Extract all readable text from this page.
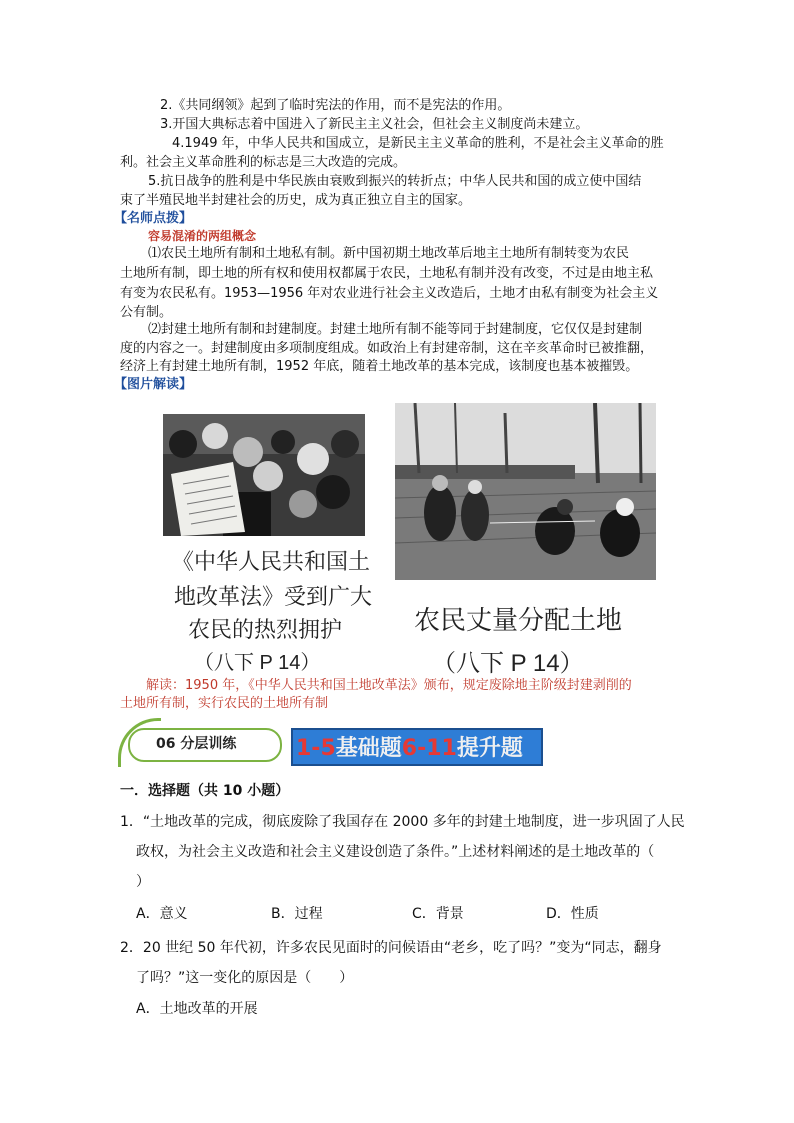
2.《共同纲领》起到了临时宪法的作用，而不是宪法的作用。
3.开国大典标志着中国进入了新民主主义社会，但社会主义制度尚未建立。
4.1949 年，中华人民共和国成立，是新民主主义革命的胜利，不是社会主义革命的胜
利。社会主义革命胜利的标志是三大改造的完成。
5.抗日战争的胜利是中华民族由衰败到振兴的转折点；中华人民共和国的成立使中国结
束了半殖民地半封建社会的历史，成为真正独立自主的国家。
【名师点拨】
容易混淆的两组概念
⑴农民土地所有制和土地私有制。新中国初期土地改革后地主土地所有制转变为农民
土地所有制，即土地的所有权和使用权都属于农民，土地私有制并没有改变，不过是由地主私
有变为农民私有。1953—1956 年对农业进行社会主义改造后，土地才由私有制变为社会主义
公有制。
⑵封建土地所有制和封建制度。封建土地所有制不能等同于封建制度，它仅仅是封建制
度的内容之一。封建制度由多项制度组成。如政治上有封建帝制，这在辛亥革命时已被推翻，
经济上有封建土地所有制，1952 年底，随着土地改革的基本完成，该制度也基本被摧毁。
【图片解读】
《中华人民共和国土
地改革法》受到广大
农民的热烈拥护
（八下 P 14）
农民丈量分配土地
（八下 P 14）
解读：1950 年，《中华人民共和国土地改革法》颁布，规定废除地主阶级封建剥削的
土地所有制，实行农民的土地所有制
06 分层训练	1-5基础题6-11提升题
一．选择题（共 10 小题）
1．“土地改革的完成，彻底废除了我国存在 2000 多年的封建土地制度，进一步巩固了人民
政权，为社会主义改造和社会主义建设创造了条件。”上述材料阐述的是土地改革的（
）
A．意义	B．过程	C．背景	D．性质
2．20 世纪 50 年代初，许多农民见面时的问候语由“老乡，吃了吗？”变为“同志，翻身
了吗？”这一变化的原因是（　　）
A．土地改革的开展
